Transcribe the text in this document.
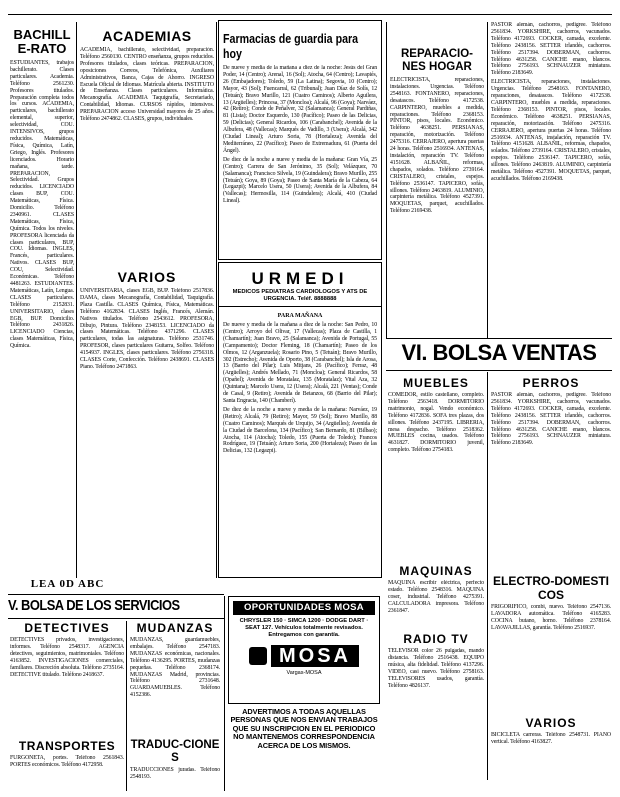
BACHILLE-RATO

ESTUDIANTES, trabajos bachillerato. Clases particulares. Academia. Teléfono 2561230. Profesores titulados. Preparación completa todos los cursos. ACADEMIA, particulares, bachillerato elemental, superior, selectividad, COU. INTENSIVOS, grupos reducidos. Matemáticas, Física, Química, Latín, Griego, Inglés. Profesores licenciados. Horario mañana, tarde. PREPARACION, Selectividad. Grupos reducidos. LICENCIADO clases BUP, COU. Matemáticas, Física. Domicilio. Teléfono 2340961. CLASES Matemáticas, Física, Química. Todos los niveles. PROFESORA licenciada da clases particulares, BUP, COU. Idiomas. INGLES, Francés, particulares. Nativos. CLASES BUP, COU, Selectividad. Económicas. Teléfono 4481263. ESTUDIANTES. Matemáticas, Latín, Lengua. CLASES particulares. Teléfono 2152831. UNIVERSITARIO, clases EGB, BUP. Domicilio. Teléfono 2431826. LICENCIADO Ciencias, clases Matemáticas, Física, Química.

LEA 0D ABC
ACADEMIAS

ACADEMIA, bachillerato, selectividad, preparación. Teléfono 2560130. CENTRO enseñanza, grupos reducidos. Profesores titulados, clases teóricas. PREPARACION, oposiciones Correos, Telefónica, Auxiliares Administrativos, Banca, Cajas de Ahorro. INGRESO Escuela Oficial de Idiomas. Matrícula abierta. INSTITUTO de Enseñanza. Clases particulares. Informática. Mecanografía. ACADEMIA Taquigrafía, Secretariado, Contabilidad, Idiomas. CURSOS rápidos, intensivos. PREPARACION acceso Universidad mayores de 25 años. Teléfono 2474862. CLASES, grupos, individuales.

VARIOS

UNIVERSITARIA, clases EGB, BUP. Teléfono 2517836. DAMA, clases Mecanografía, Contabilidad, Taquigrafía. Plaza Castilla. CLASES Química, Física, Matemáticas. Teléfono 4162834. CLASES Inglés, Francés, Alemán. Nativos titulados. Teléfono 2543612. PROFESORA, Dibujo, Pintura. Teléfono 2348153. LICENCIADO da clases Matemáticas. Teléfono 4371296. CLASES particulares, todas las asignaturas. Teléfono 2531746. PROFESOR, clases particulares Guitarra, Solfeo. Teléfono 4154937. INGLES, clases particulares. Teléfono 2756318. CLASES Corte, Confección. Teléfono 2438691. CLASES Piano. Teléfono 2471863.

Farmacias de guardia para hoy

De nueve y media de la mañana a diez de la noche: Jesús del Gran Poder, 14 (Centro); Arenal, 16 (Sol); Atocha, 64 (Centro); Lavapiés, 26 (Embajadores); Toledo, 59 (La Latina); Segovia, 10 (Centro); Mayor, 43 (Sol); Fuencarral, 62 (Tribunal); Juan Díaz de Solís, 12 (Tetuán); Bravo Murillo, 121 (Cuatro Caminos); Alberto Aguilera, 13 (Argüelles); Princesa, 37 (Moncloa); Alcalá, 96 (Goya); Narváez, 42 (Retiro); Conde de Peñalver, 32 (Salamanca); General Pardiñas, 81 (Lista); Doctor Esquerdo, 130 (Pacífico); Paseo de las Delicias, 59 (Delicias); General Ricardos, 106 (Carabanchel); Avenida de la Albufera, 48 (Vallecas); Marqués de Vadillo, 3 (Usera); Alcalá, 342 (Ciudad Lineal); Arturo Soria, 78 (Hortaleza); Avenida del Mediterráneo, 22 (Pacífico); Paseo de Extremadura, 61 (Puerta del Ángel).

De diez de la noche a nueve y media de la mañana: Gran Vía, 25 (Centro); Carrera de San Jerónimo, 35 (Sol); Velázquez, 70 (Salamanca); Francisco Silvela, 19 (Guindalera); Bravo Murillo, 255 (Tetuán); Goya, 89 (Goya); Paseo de Santa María de la Cabeza, 64 (Legazpi); Marcelo Usera, 50 (Usera); Avenida de la Albufera, 84 (Vallecas); Hermosilla, 114 (Guindalera); Alcalá, 410 (Ciudad Lineal).

URMEDI
MEDICOS PEDIATRAS CARDIOLOGOS Y ATS DE URGENCIA. Teléf. 8888888
PARA MAÑANA

De nueve y media de la mañana a diez de la noche: San Pedro, 10 (Centro); Arroyo del Olivar, 17 (Vallecas); Plaza de Castilla, 1 (Chamartín); Juan Bravo, 25 (Salamanca); Avenida de Portugal, 55 (Campamento); Doctor Fleming, 18 (Chamartín); Paseo de los Olmos, 12 (Arganzuela); Rosario Pino, 5 (Tetuán); Bravo Murillo, 302 (Estrecho); Avenida de Oporto, 38 (Carabanchel); Isla de Arosa, 13 (Barrio del Pilar); Luis Mitjans, 26 (Pacífico); Ferraz, 48 (Argüelles); Andrés Mellado, 71 (Moncloa); General Ricardos, 58 (Opañel); Avenida de Moratalaz, 135 (Moratalaz); Vital Aza, 32 (Quintana); Marcelo Usera, 12 (Usera); Alcalá, 221 (Ventas); Conde de Casal, 9 (Retiro); Avenida de Betanzos, 68 (Barrio del Pilar); Santa Engracia, 140 (Chamberí).

De diez de la noche a nueve y media de la mañana: Narváez, 19 (Retiro); Alcalá, 79 (Retiro); Mayor, 59 (Sol); Bravo Murillo, 88 (Cuatro Caminos); Marqués de Urquijo, 34 (Argüelles); Avenida de la Ciudad de Barcelona, 134 (Pacífico); San Bernardo, 81 (Bilbao); Atocha, 114 (Atocha); Toledo, 155 (Puerta de Toledo); Francos Rodríguez, 19 (Tetuán); Arturo Soria, 200 (Hortaleza); Paseo de las Delicias, 132 (Legazpi).

REPARACIO-NES HOGAR

ELECTRICISTA, reparaciones, instalaciones. Urgencias. Teléfono 2548163. FONTANERO, reparaciones, desatascos. Teléfono 4172538. CARPINTERO, muebles a medida, reparaciones. Teléfono 2368153. PINTOR, pisos, locales. Económico. Teléfono 4638251. PERSIANAS, reparación, motorización. Teléfono 2475316. CERRAJERO, apertura puertas 24 horas. Teléfono 2516934. ANTENAS, instalación, reparación TV. Teléfono 4151628. ALBAÑIL, reformas, chapados, solados. Teléfono 2739164. CRISTALERO, cristales, espejos. Teléfono 2536147. TAPICERO, sofás, sillones. Teléfono 2463819. ALUMINIO, carpintería metálica. Teléfono 4527391. MOQUETAS, parquet, acuchillados. Teléfono 2169438.

PASTOR alemán, cachorros, pedigree. Teléfono 2561834. YORKSHIRE, cachorros, vacunados. Teléfono 4172693. COCKER, camada, excelente. Teléfono 2438156. SETTER irlandés, cachorros. Teléfono 2517394. DOBERMAN, cachorros. Teléfono 4631258. CANICHE enano, blancos. Teléfono 2756193. SCHNAUZER miniatura. Teléfono 2183649.

ELECTRICISTA, reparaciones, instalaciones. Urgencias. Teléfono 2548163. FONTANERO, reparaciones, desatascos. Teléfono 4172538. CARPINTERO, muebles a medida, reparaciones. Teléfono 2368153. PINTOR, pisos, locales. Económico. Teléfono 4638251. PERSIANAS, reparación, motorización. Teléfono 2475316. CERRAJERO, apertura puertas 24 horas. Teléfono 2516934. ANTENAS, instalación, reparación TV. Teléfono 4151628. ALBAÑIL, reformas, chapados, solados. Teléfono 2739164. CRISTALERO, cristales, espejos. Teléfono 2536147. TAPICERO, sofás, sillones. Teléfono 2463819. ALUMINIO, carpintería metálica. Teléfono 4527391. MOQUETAS, parquet, acuchillados. Teléfono 2169438.

VI. BOLSA VENTAS
MUEBLES

COMEDOR, estilo castellano, completo. Teléfono 2563418. DORMITORIO matrimonio, nogal. Vendo económico. Teléfono 4172836. SOFA tres plazas, dos sillones. Teléfono 2437195. LIBRERIA, mesa despacho. Teléfono 2518362. MUEBLES cocina, usados. Teléfono 4631827. DORMITORIO juvenil, completo. Teléfono 2754183.

MAQUINAS

MAQUINA escribir eléctrica, perfecto estado. Teléfono 2548316. MAQUINA coser, industrial. Teléfono 4275391. CALCULADORA impresora. Teléfono 2361847.

RADIO TV

TELEVISOR color 26 pulgadas, mando distancia. Teléfono 2516438. EQUIPO música, alta fidelidad. Teléfono 4137296. VIDEO, casi nuevo. Teléfono 2758163. TELEVISORES usados, garantía. Teléfono 4826137.

PERROS

PASTOR alemán, cachorros, pedigree. Teléfono 2561834. YORKSHIRE, cachorros, vacunados. Teléfono 4172693. COCKER, camada, excelente. Teléfono 2438156. SETTER irlandés, cachorros. Teléfono 2517394. DOBERMAN, cachorros. Teléfono 4631258. CANICHE enano, blancos. Teléfono 2756193. SCHNAUZER miniatura. Teléfono 2183649.

ELECTRO-DOMESTICOS

FRIGORIFICO, combi, nuevo. Teléfono 2547136. LAVADORA automática. Teléfono 4165283. COCINA butano, horno. Teléfono 2378164. LAVAVAJILLAS, garantía. Teléfono 2516937.

VARIOS

BICICLETA carreras. Teléfono 2548731. PIANO vertical. Teléfono 4163827.

V. BOLSA DE LOS SERVICIOS
DETECTIVES

DETECTIVES privados, investigaciones, informes. Teléfono 2548317. AGENCIA detectives, seguimientos, matrimoniales. Teléfono 4163852. INVESTIGACIONES comerciales, familiares. Discreción absoluta. Teléfono 2735164. DETECTIVE titulado. Teléfono 2418637.

TRANSPORTES

FURGONETA, portes. Teléfono 2561843. PORTES económicos. Teléfono 4172958.

MUDANZAS

MUDANZAS, guardamuebles, embalajes. Teléfono 2547183. MUDANZAS económicas, nacionales. Teléfono 4136295. PORTES, mudanzas pequeñas. Teléfono 2368174. MUDANZAS Madrid, provincias. Teléfono 2731648. GUARDAMUEBLES. Teléfono 4152386.

TRADUC-CIONES

TRADUCCIONES juradas. Teléfono 2548193.

OPORTUNIDADES MOSA
CHRYSLER 150 · SIMCA 1200 · DODGE DART · SEAT 127. Vehículos totalmente revisados. Entregamos con garantía.
MOSA
Vargas-MOSA
ADVERTIMOS A TODAS AQUELLAS PERSONAS QUE NOS ENVIAN TRABAJOS QUE SU INSCRIPCION EN EL PERIODICO NO MANTENEMOS CORRESPONDENCIA ACERCA DE LOS MISMOS.
